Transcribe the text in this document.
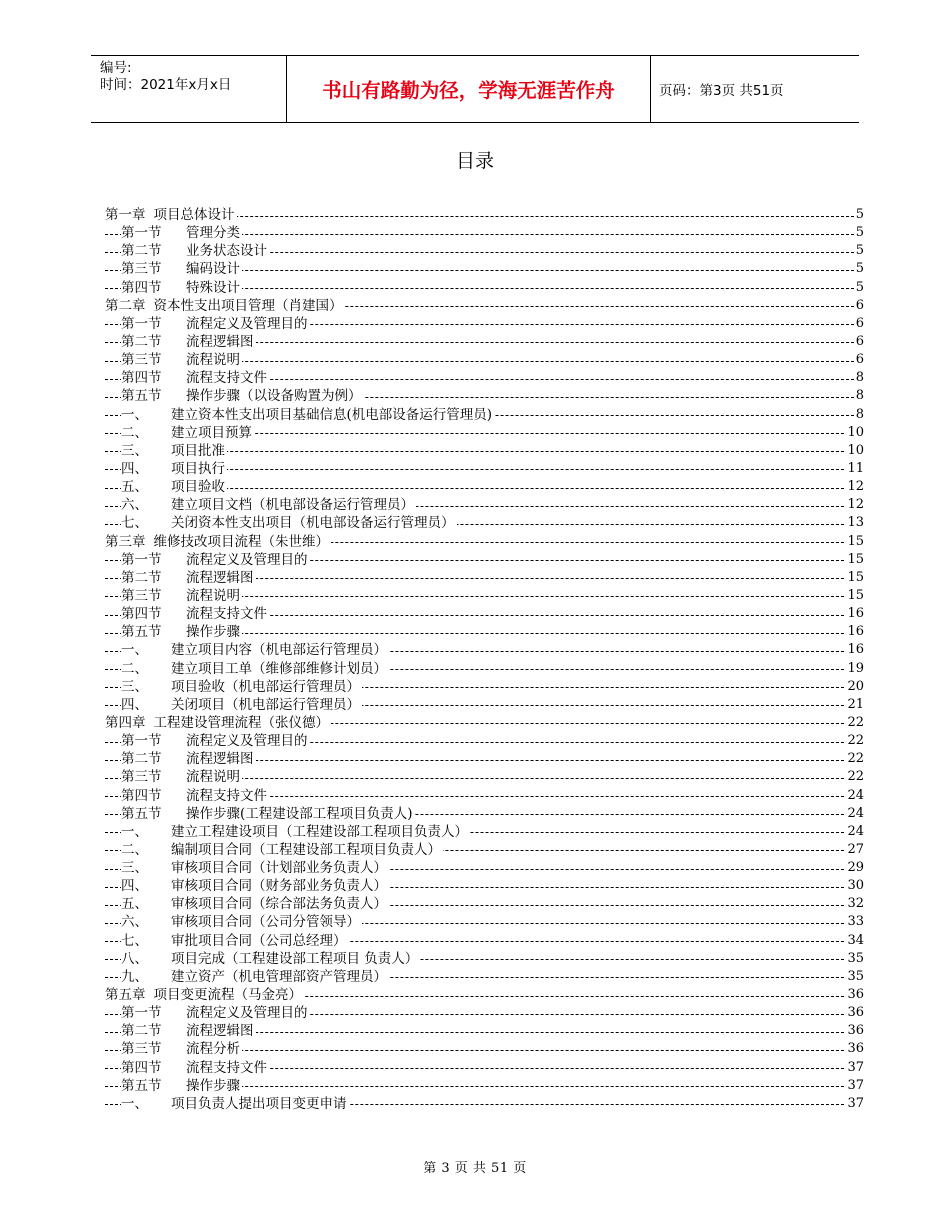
编号:
时间：2021年x月x日	书山有路勤为径，学海无涯苦作舟	页码：第3页 共51页
目录
第一章 项目总体设计	5
第一节 管理分类	5
第二节 业务状态设计	5
第三节 编码设计	5
第四节 特殊设计	5
第二章 资本性支出项目管理（肖建国）	6
第一节 流程定义及管理目的	6
第二节 流程逻辑图	6
第三节 流程说明	6
第四节 流程支持文件	8
第五节 操作步骤（以设备购置为例）	8
一、 建立资本性支出项目基础信息(机电部设备运行管理员)	8
二、 建立项目预算	10
三、 项目批准	10
四、 项目执行	11
五、 项目验收	12
六、 建立项目文档（机电部设备运行管理员）	12
七、 关闭资本性支出项目（机电部设备运行管理员）	13
第三章 维修技改项目流程（朱世维）	15
第一节 流程定义及管理目的	15
第二节 流程逻辑图	15
第三节 流程说明	15
第四节 流程支持文件	16
第五节 操作步骤	16
一、 建立项目内容（机电部运行管理员）	16
二、 建立项目工单（维修部维修计划员）	19
三、 项目验收（机电部运行管理员）	20
四、 关闭项目（机电部运行管理员）	21
第四章 工程建设管理流程（张仪德）	22
第一节 流程定义及管理目的	22
第二节 流程逻辑图	22
第三节 流程说明	22
第四节 流程支持文件	24
第五节 操作步骤(工程建设部工程项目负责人)	24
一、 建立工程建设项目（工程建设部工程项目负责人）	24
二、 编制项目合同（工程建设部工程项目负责人）	27
三、 审核项目合同（计划部业务负责人）	29
四、 审核项目合同（财务部业务负责人）	30
五、 审核项目合同（综合部法务负责人）	32
六、 审核项目合同（公司分管领导）	33
七、 审批项目合同（公司总经理）	34
八、 项目完成（工程建设部工程项目 负责人）	35
九、 建立资产（机电管理部资产管理员）	35
第五章 项目变更流程（马金亮）	36
第一节 流程定义及管理目的	36
第二节 流程逻辑图	36
第三节 流程分析	36
第四节 流程支持文件	37
第五节 操作步骤	37
一、 项目负责人提出项目变更申请	37
第 3 页 共 51 页
